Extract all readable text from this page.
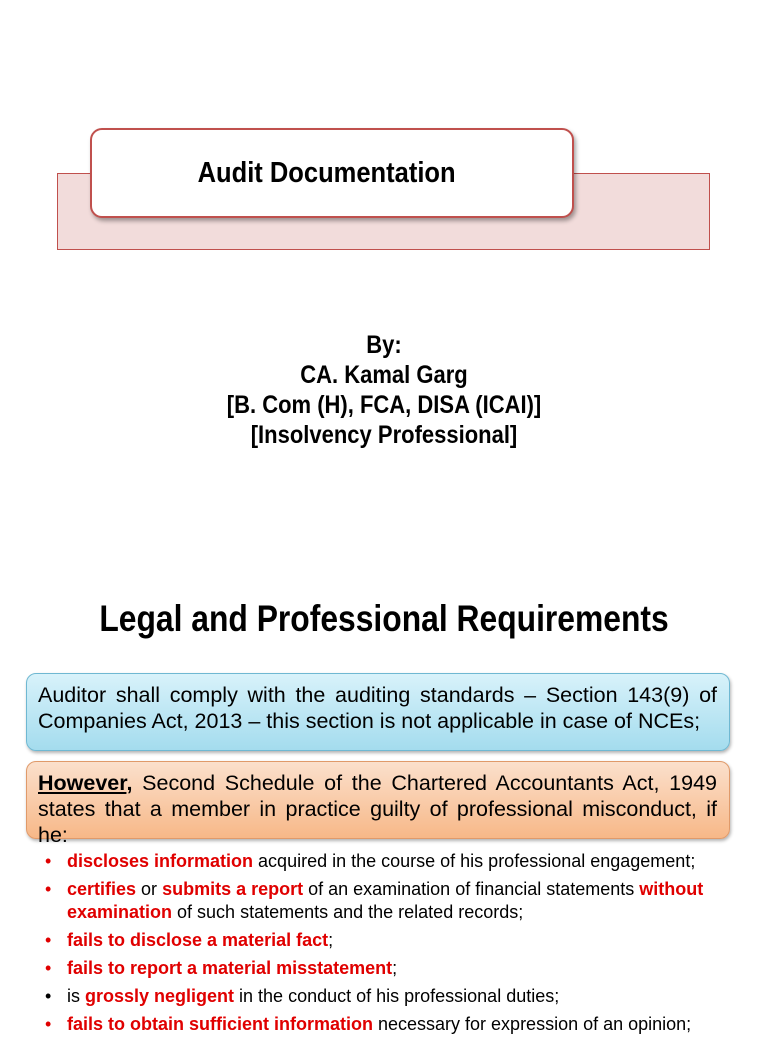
Audit Documentation
By:
CA. Kamal Garg
[B. Com (H), FCA, DISA (ICAI)]
[Insolvency Professional]
Legal and Professional Requirements
Auditor shall comply with the auditing standards – Section 143(9) of Companies Act, 2013 – this section is not applicable in case of NCEs;
However, Second Schedule of the Chartered Accountants Act, 1949 states that a member in practice guilty of professional misconduct, if he:
• discloses information acquired in the course of his professional engagement;
• certifies or submits a report of an examination of financial statements without examination of such statements and the related records;
• fails to disclose a material fact;
• fails to report a material misstatement;
• is grossly negligent in the conduct of his professional duties;
• fails to obtain sufficient information necessary for expression of an opinion;
